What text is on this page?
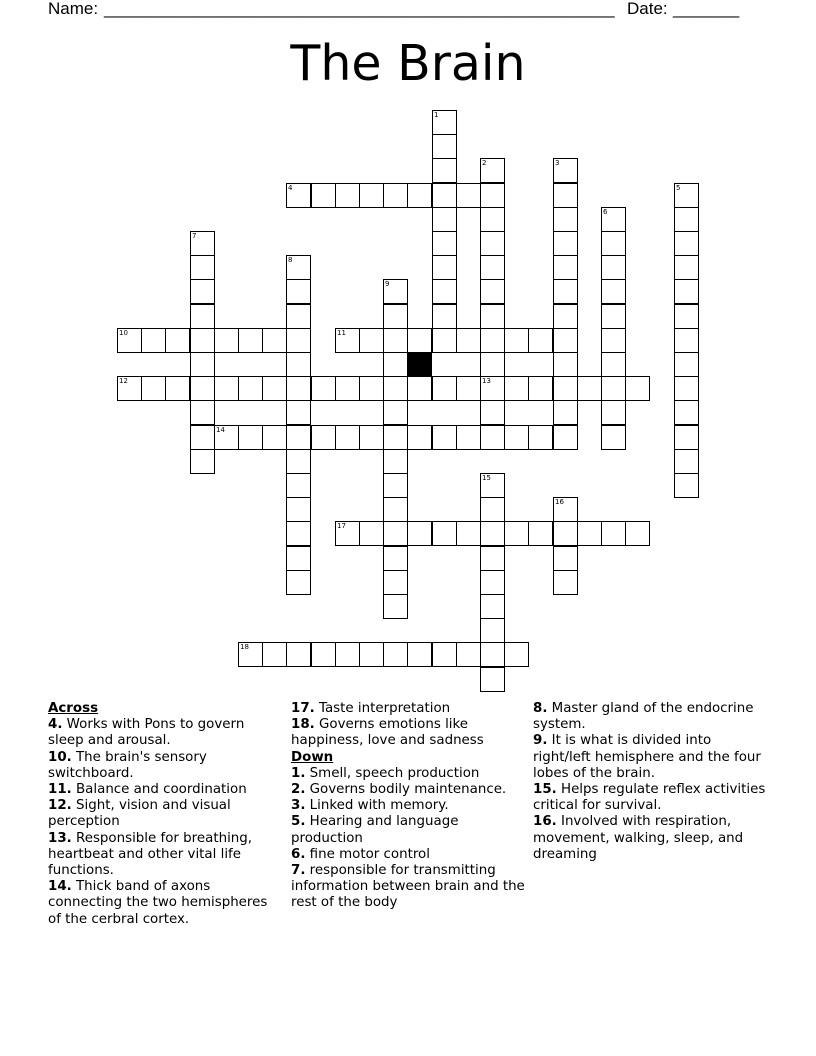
Name: ______________________________________________________ Date: _______
The Brain
1
2
13
3
4	5
6
7
8
9
10	11
12
14
15
16
17
18
Across
4. Works with Pons to govern sleep and arousal.
10. The brain's sensory switchboard.
11. Balance and coordination
12. Sight, vision and visual perception
13. Responsible for breathing, heartbeat and other vital life functions.
14. Thick band of axons connecting the two hemispheres of the cerbral cortex.
17. Taste interpretation
18. Governs emotions like happiness, love and sadness
Down
1. Smell, speech production
2. Governs bodily maintenance.
3. Linked with memory.
5. Hearing and language production
6. fine motor control
7. responsible for transmitting information between brain and the rest of the body
8. Master gland of the endocrine system.
9. It is what is divided into right/left hemisphere and the four lobes of the brain.
15. Helps regulate reflex activities critical for survival.
16. Involved with respiration, movement, walking, sleep, and dreaming
